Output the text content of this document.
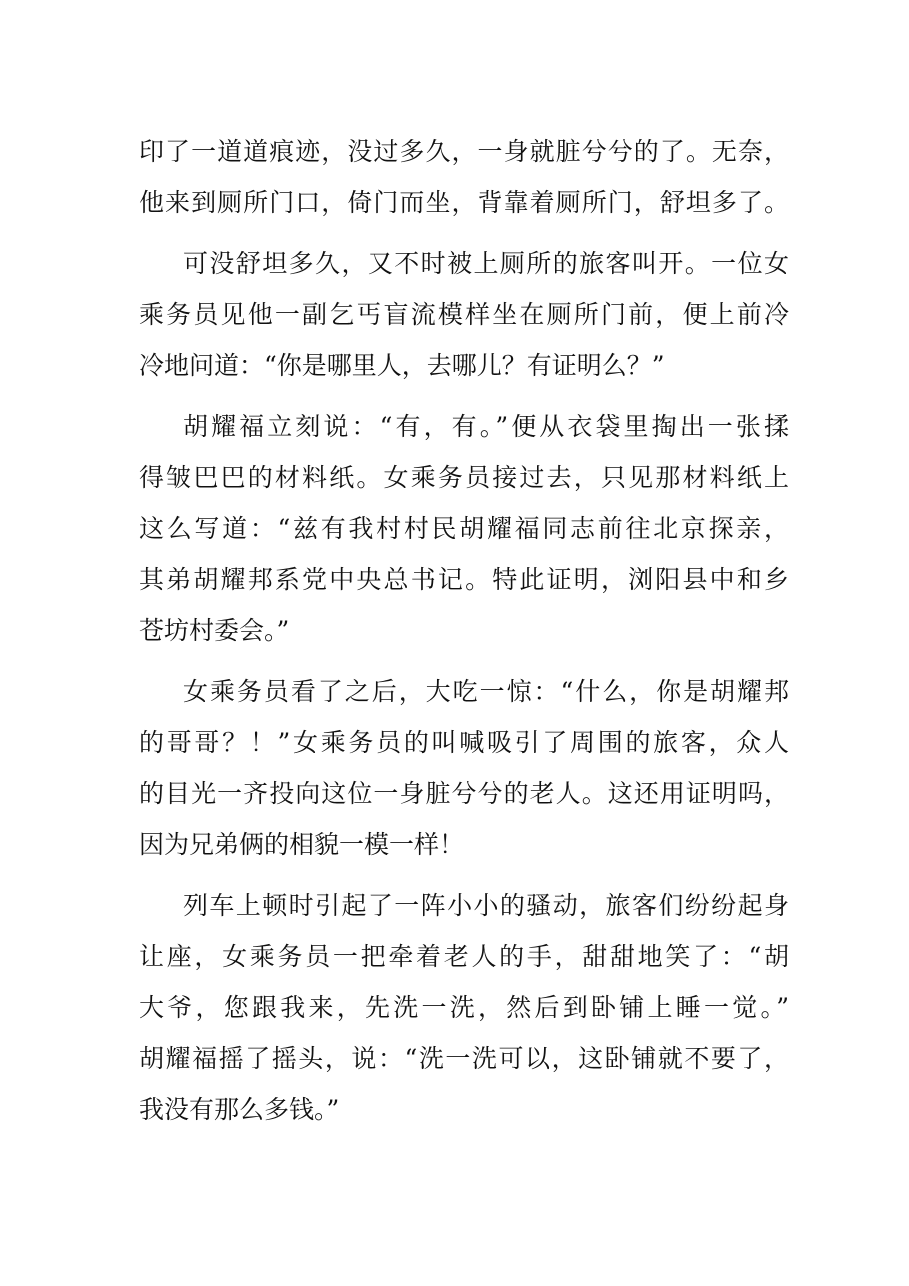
印了一道道痕迹，没过多久，一身就脏兮兮的了。无奈，
他来到厕所门口，倚门而坐，背靠着厕所门，舒坦多了。
可没舒坦多久，又不时被上厕所的旅客叫开。一位女
乘务员见他一副乞丐盲流模样坐在厕所门前，便上前冷
冷地问道：“你是哪里人，去哪儿？有证明么？”
胡耀福立刻说：“有，有。”便从衣袋里掏出一张揉
得皱巴巴的材料纸。女乘务员接过去，只见那材料纸上
这么写道：“兹有我村村民胡耀福同志前往北京探亲，
其弟胡耀邦系党中央总书记。特此证明，浏阳县中和乡
苍坊村委会。”
女乘务员看了之后，大吃一惊：“什么，你是胡耀邦
的哥哥？！”女乘务员的叫喊吸引了周围的旅客，众人
的目光一齐投向这位一身脏兮兮的老人。这还用证明吗，
因为兄弟俩的相貌一模一样！
列车上顿时引起了一阵小小的骚动，旅客们纷纷起身
让座，女乘务员一把牵着老人的手，甜甜地笑了：“胡
大爷，您跟我来，先洗一洗，然后到卧铺上睡一觉。”
胡耀福摇了摇头，说：“洗一洗可以，这卧铺就不要了，
我没有那么多钱。”
